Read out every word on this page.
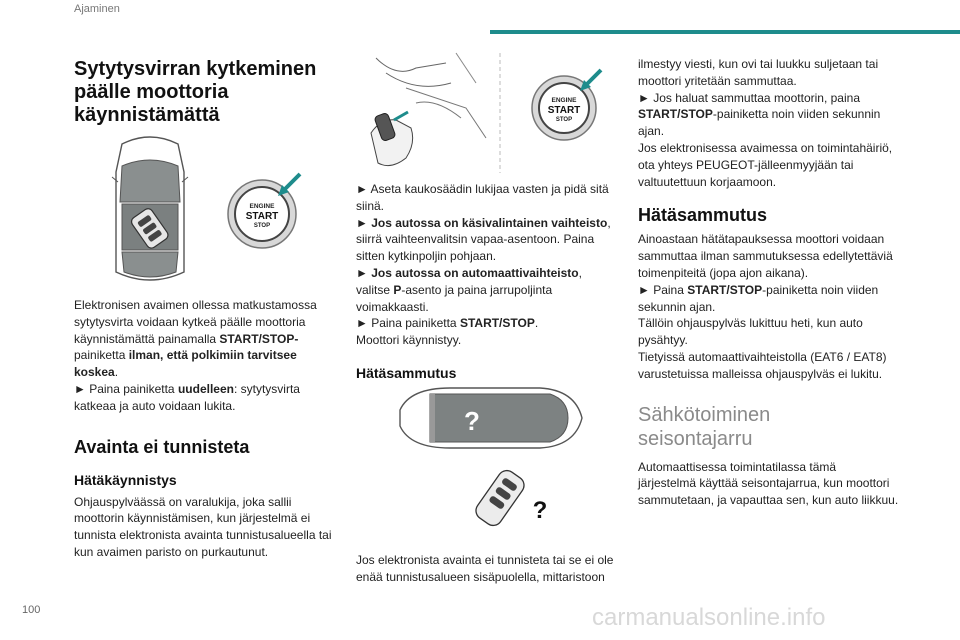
Ajaminen
Sytytysvirran kytkeminen
päälle moottoria
käynnistämättä
ENGINE
START
STOP

Elektronisen avaimen ollessa matkustamossa
sytytysvirta voidaan kytkeä päälle moottoria
käynnistämättä painamalla START/STOP-
painiketta ilman, että polkimiin tarvitsee
koskea.

► Paina painiketta uudelleen: sytytysvirta
katkeaa ja auto voidaan lukita.

Avainta ei tunnisteta
Hätäkäynnistys

Ohjauspylväässä on varalukija, joka sallii
moottorin käynnistämisen, kun järjestelmä ei
tunnista elektronista avainta tunnistusalueella tai
kun avaimen paristo on purkautunut.

ENGINE
START
STOP

► Aseta kaukosäädin lukijaa vasten ja pidä sitä
siinä.

► Jos autossa on käsivalintainen vaihteisto,
siirrä vaihteenvalitsin vapaa-asentoon. Paina
sitten kytkinpoljin pohjaan.

► Jos autossa on automaattivaihteisto,
valitse P-asento ja paina jarrupoljinta
voimakkaasti.

► Paina painiketta START/STOP.
Moottori käynnistyy.

Hätäsammutus
?
?

Jos elektronista avainta ei tunnisteta tai se ei ole
enää tunnistusalueen sisäpuolella, mittaristoon

ilmestyy viesti, kun ovi tai luukku suljetaan tai
moottori yritetään sammuttaa.

► Jos haluat sammuttaa moottorin, paina
START/STOP-painiketta noin viiden sekunnin
ajan.

Jos elektronisessa avaimessa on toimintahäiriö,
ota yhteys PEUGEOT-jälleenmyyjään tai
valtuutettuun korjaamoon.

Hätäsammutus

Ainoastaan hätätapauksessa moottori voidaan
sammuttaa ilman sammutuksessa edellytettäviä
toimenpiteitä (jopa ajon aikana).

► Paina START/STOP-painiketta noin viiden
sekunnin ajan.

Tällöin ohjauspylväs lukittuu heti, kun auto
pysähtyy.

Tietyissä automaattivaihteistolla (EAT6 / EAT8)
varustetuissa malleissa ohjauspylväs ei lukitu.

Sähkötoiminen
seisontajarru

Automaattisessa toimintatilassa tämä
järjestelmä käyttää seisontajarrua, kun moottori
sammutetaan, ja vapauttaa sen, kun auto liikkuu.

100	carmanualsonline.info
